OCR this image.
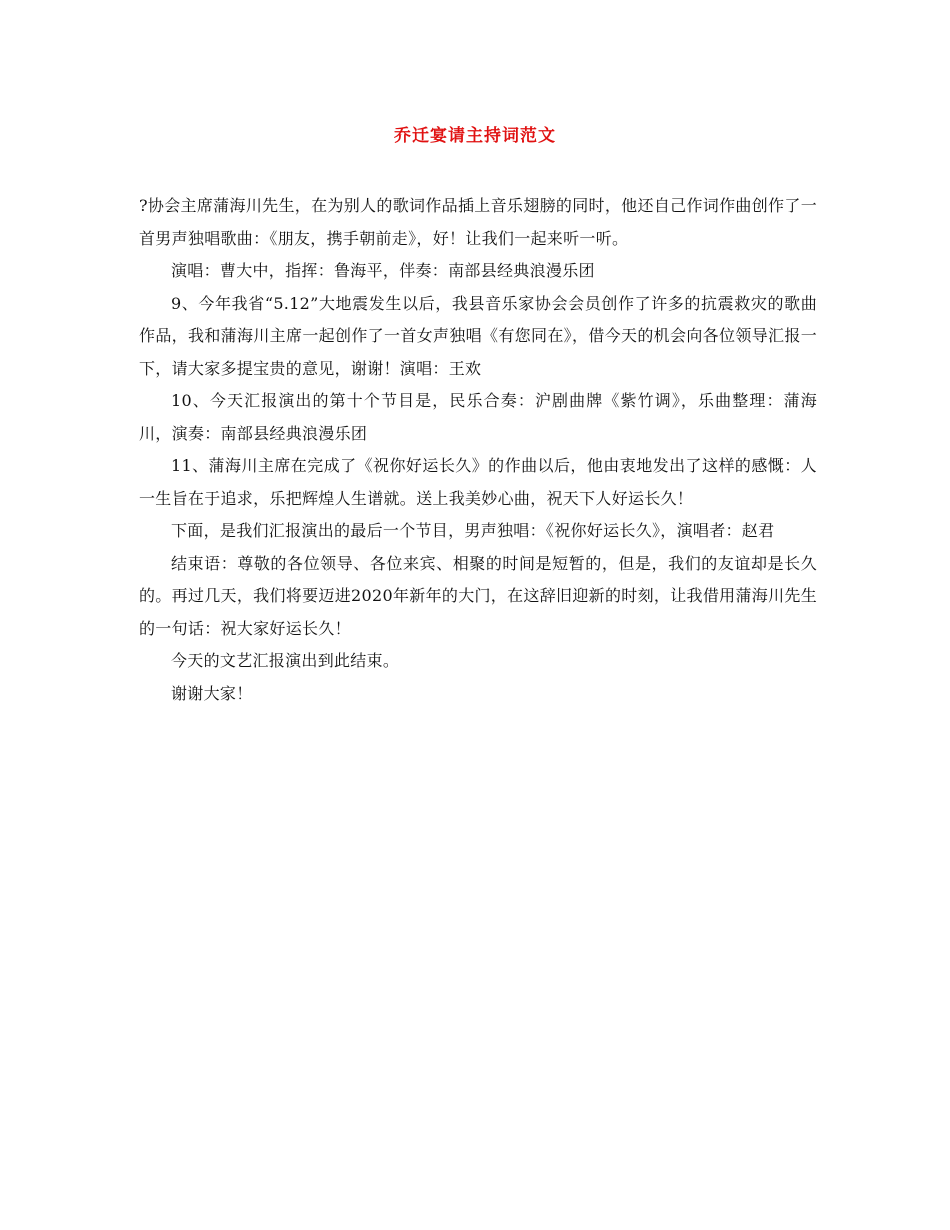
乔迁宴请主持词范文

?协会主席蒲海川先生，在为别人的歌词作品插上音乐翅膀的同时，他还自己作词作曲创作了一首男声独唱歌曲：《朋友，携手朝前走》，好！让我们一起来听一听。

演唱：曹大中，指挥：鲁海平，伴奏：南部县经典浪漫乐团

9、今年我省“5.12”大地震发生以后，我县音乐家协会会员创作了许多的抗震救灾的歌曲作品，我和蒲海川主席一起创作了一首女声独唱《有您同在》，借今天的机会向各位领导汇报一下，请大家多提宝贵的意见，谢谢！演唱：王欢

10、今天汇报演出的第十个节目是，民乐合奏：沪剧曲牌《紫竹调》，乐曲整理：蒲海川，演奏：南部县经典浪漫乐团

11、蒲海川主席在完成了《祝你好运长久》的作曲以后，他由衷地发出了这样的感慨：人一生旨在于追求，乐把辉煌人生谱就。送上我美妙心曲，祝天下人好运长久！

下面，是我们汇报演出的最后一个节目，男声独唱：《祝你好运长久》，演唱者：赵君

结束语：尊敬的各位领导、各位来宾、相聚的时间是短暂的，但是，我们的友谊却是长久的。再过几天，我们将要迈进2020年新年的大门，在这辞旧迎新的时刻，让我借用蒲海川先生的一句话：祝大家好运长久！

今天的文艺汇报演出到此结束。

谢谢大家！
